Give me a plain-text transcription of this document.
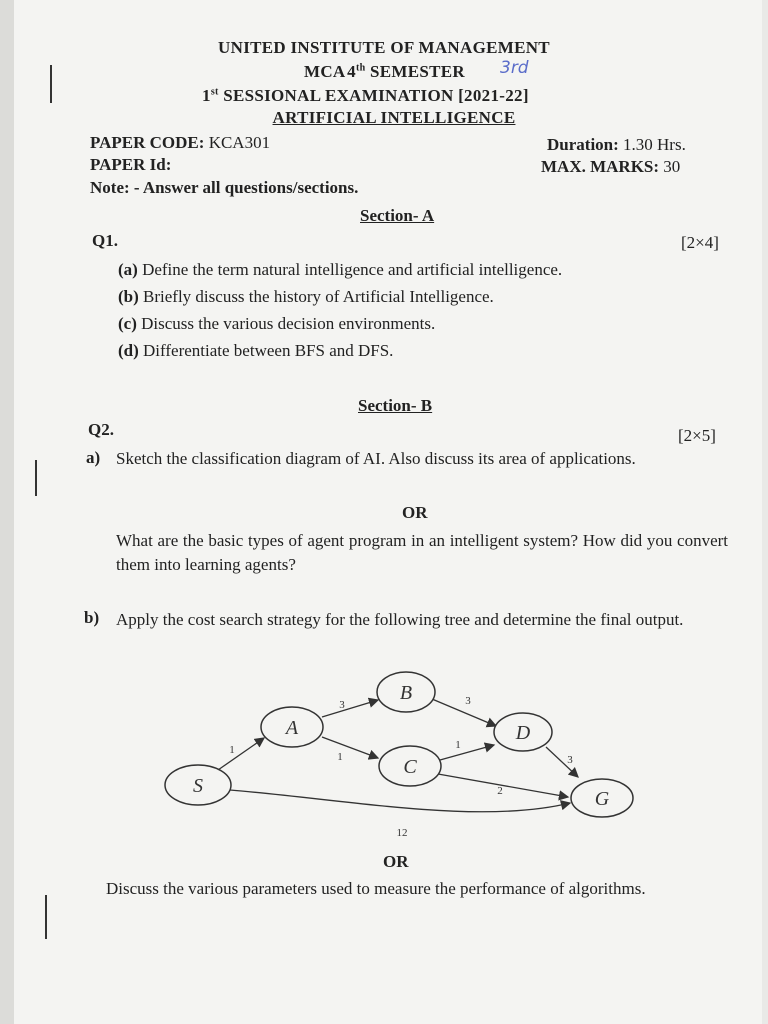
UNITED INSTITUTE OF MANAGEMENT
MCA 4th SEMESTER 3rd
1st SESSIONAL EXAMINATION [2021-22]
ARTIFICIAL INTELLIGENCE
PAPER CODE: KCA301	Duration: 1.30 Hrs.
PAPER Id:	MAX. MARKS: 30
Note: - Answer all questions/sections.
Section- A
Q1.	[2×4]
(a) Define the term natural intelligence and artificial intelligence.
(b) Briefly discuss the history of Artificial Intelligence.
(c) Discuss the various decision environments.
(d) Differentiate between BFS and DFS.
Section- B
Q2.	[2×5]
a) Sketch the classification diagram of AI. Also discuss its area of applications.
OR
What are the basic types of agent program in an intelligent system? How did you convert them into learning agents?
b) Apply the cost search strategy for the following tree and determine the final output.
S
A
B
C
D
G
1
3
1
3
1
3
2
12
OR
Discuss the various parameters used to measure the performance of algorithms.
